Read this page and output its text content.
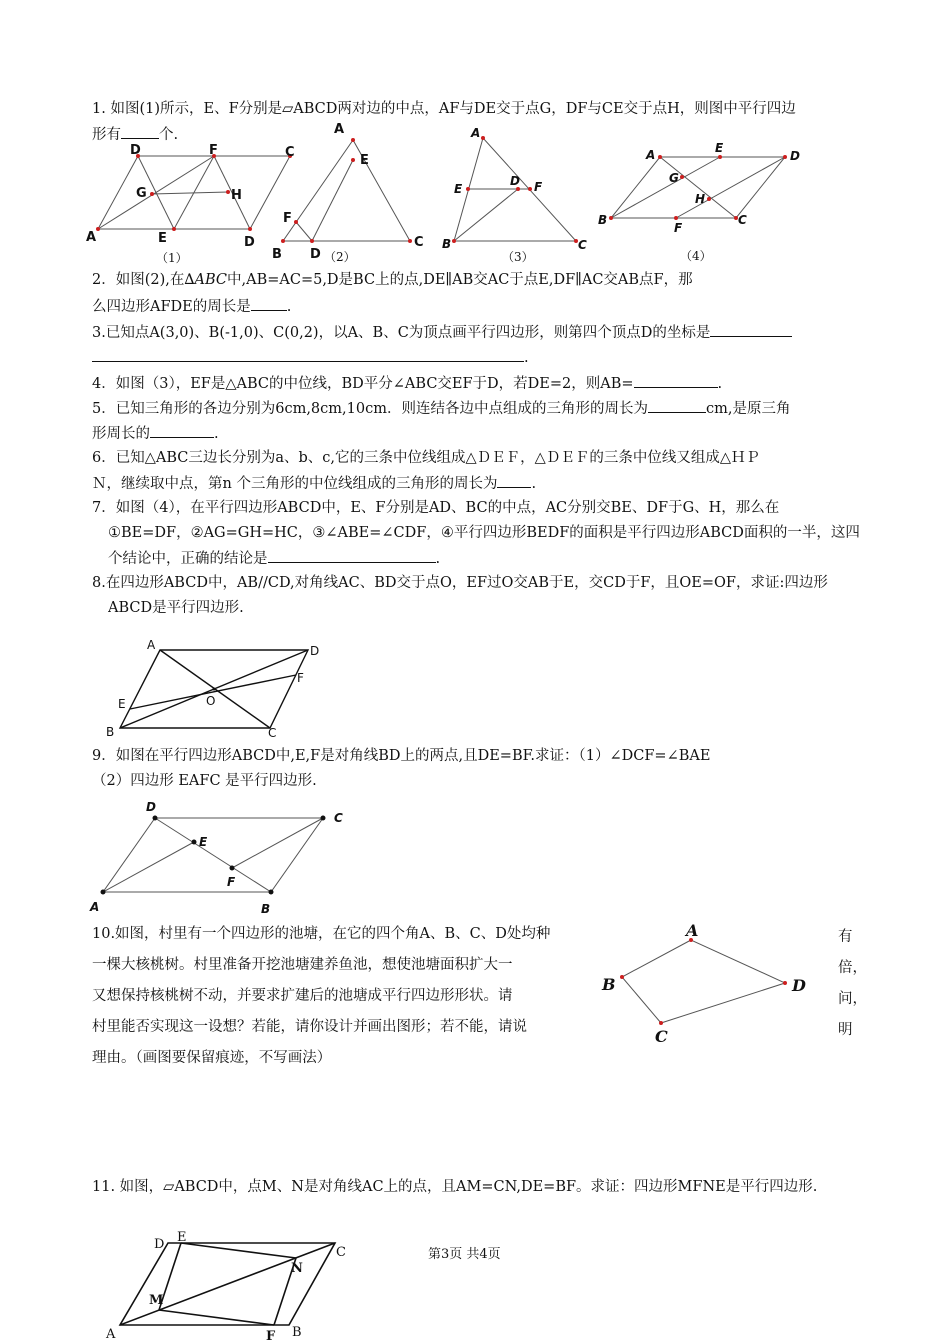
1. 如图(1)所示，E、F分别是▱ABCD两对边的中点，AF与DE交于点G，DF与CE交于点H，则图中平行四边
形有	个.
D	F	C
G	H
A	E	D
（1）
A
E
F
B D
C
（2）
A
E
D F
B	C
（3）
A	E
D
G
H
B
F
C
（4）
2．如图(2),在∆ABC中,AB=AC=5,D是BC上的点,DE∥AB交AC于点E,DF∥AC交AB点F，那
么四边形AFDE的周长是 .
3.已知点A(3,0)、B(-1,0)、C(0,2)，以A、B、C为顶点画平行四边形，则第四个顶点D的坐标是
.
4．如图（3），EF是△ABC的中位线，BD平分∠ABC交EF于D，若DE=2，则AB=	.
5．已知三角形的各边分别为6cm,8cm,10cm．则连结各边中点组成的三角形的周长为	cm,是原三角
形周长的	.
6．已知△ABC三边长分别为a、b、c,它的三条中位线组成△ＤＥＦ，△ＤＥＦ的三条中位线又组成△ＨＰ
Ｎ，继续取中点，第n 个三角形的中位线组成的三角形的周长为 .
7．如图（4），在平行四边形ABCD中，E、F分别是AD、BC的中点，AC分别交BE、DF于G、H，那么在
①BE=DF，②AG=GH=HC，③∠ABE=∠CDF，④平行四边形BEDF的面积是平行四边形ABCD面积的一半，这四
个结论中，正确的结论是	.
8.在四边形ABCD中，AB//CD,对角线AC、BD交于点O，EF过O交AB于E，交CD于F，且OE=OF，求证:四边形
ABCD是平行四边形.
A	D
F
E	O
B	C
9．如图在平行四边形ABCD中,E,F是对角线BD上的两点,且DE=BF.求证：（1）∠DCF=∠BAE
（2）四边形 EAFC 是平行四边形.
D
C
E
F
A	B
10.如图，村里有一个四边形的池塘，在它的四个角A、B、C、D处均种
一棵大核桃树。村里准备开挖池塘建养鱼池，想使池塘面积扩大一
又想保持核桃树不动，并要求扩建后的池塘成平行四边形形状。请
村里能否实现这一设想？若能，请你设计并画出图形；若不能，请说
理由。（画图要保留痕迹，不写画法）
有
倍，
问，
明
A
B	D
C
11. 如图，▱ABCD中，点M、N是对角线AC上的点，且AM=CN,DE=BF。求证：四边形MFNE是平行四边形.
D E
C
N
M
A	F B
第3页 共4页
